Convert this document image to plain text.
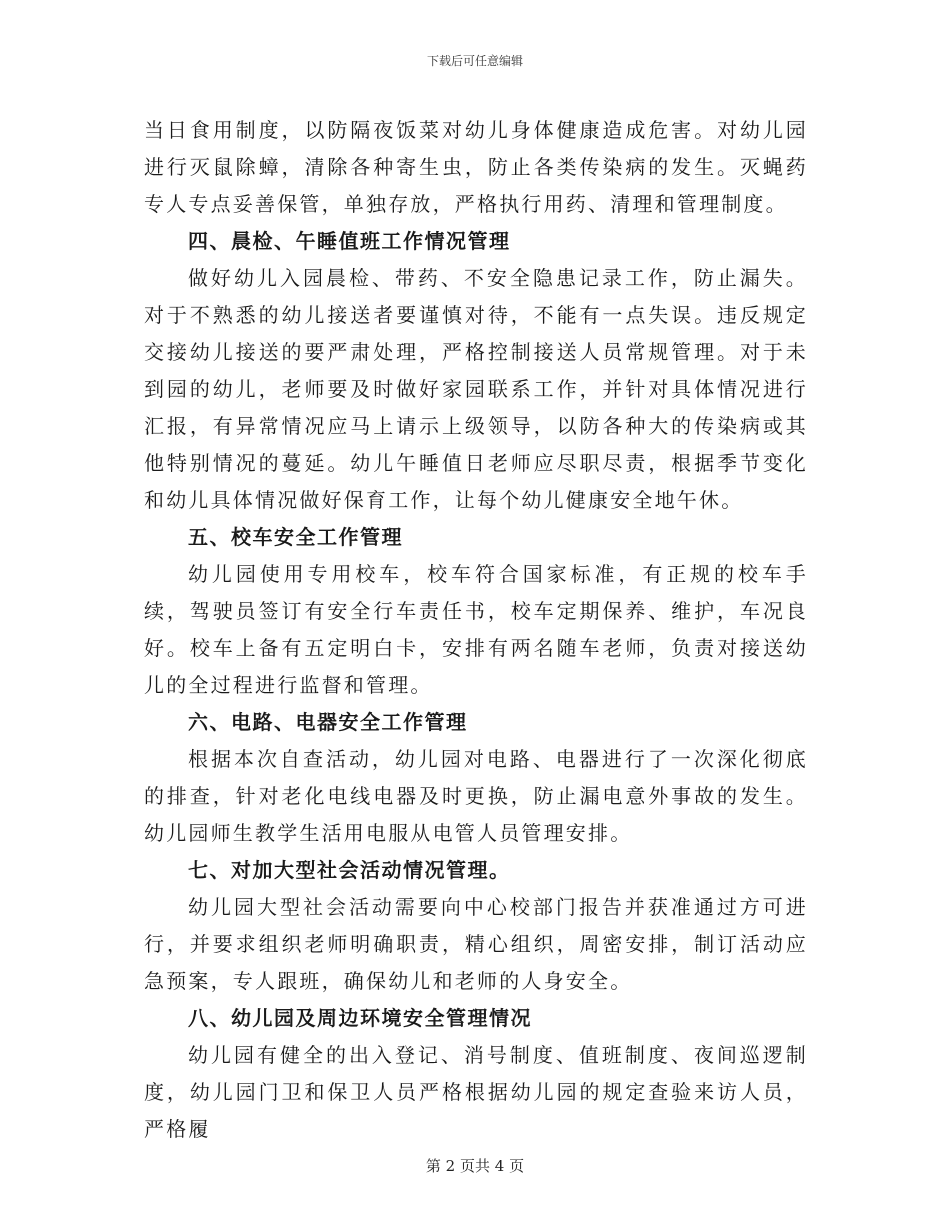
下载后可任意编辑

当日食用制度，以防隔夜饭菜对幼儿身体健康造成危害。对幼儿园进行灭鼠除蟑，清除各种寄生虫，防止各类传染病的发生。灭蝇药专人专点妥善保管，单独存放，严格执行用药、清理和管理制度。

四、晨检、午睡值班工作情况管理

做好幼儿入园晨检、带药、不安全隐患记录工作，防止漏失。对于不熟悉的幼儿接送者要谨慎对待，不能有一点失误。违反规定交接幼儿接送的要严肃处理，严格控制接送人员常规管理。对于未到园的幼儿，老师要及时做好家园联系工作，并针对具体情况进行汇报，有异常情况应马上请示上级领导，以防各种大的传染病或其他特别情况的蔓延。幼儿午睡值日老师应尽职尽责，根据季节变化和幼儿具体情况做好保育工作，让每个幼儿健康安全地午休。

五、校车安全工作管理

幼儿园使用专用校车，校车符合国家标准，有正规的校车手续，驾驶员签订有安全行车责任书，校车定期保养、维护，车况良好。校车上备有五定明白卡，安排有两名随车老师，负责对接送幼儿的全过程进行监督和管理。

六、电路、电器安全工作管理

根据本次自查活动，幼儿园对电路、电器进行了一次深化彻底的排查，针对老化电线电器及时更换，防止漏电意外事故的发生。幼儿园师生教学生活用电服从电管人员管理安排。

七、对加大型社会活动情况管理。

幼儿园大型社会活动需要向中心校部门报告并获准通过方可进行，并要求组织老师明确职责，精心组织，周密安排，制订活动应急预案，专人跟班，确保幼儿和老师的人身安全。

八、幼儿园及周边环境安全管理情况

幼儿园有健全的出入登记、消号制度、值班制度、夜间巡逻制度，幼儿园门卫和保卫人员严格根据幼儿园的规定查验来访人员，严格履

第 2 页共 4 页
